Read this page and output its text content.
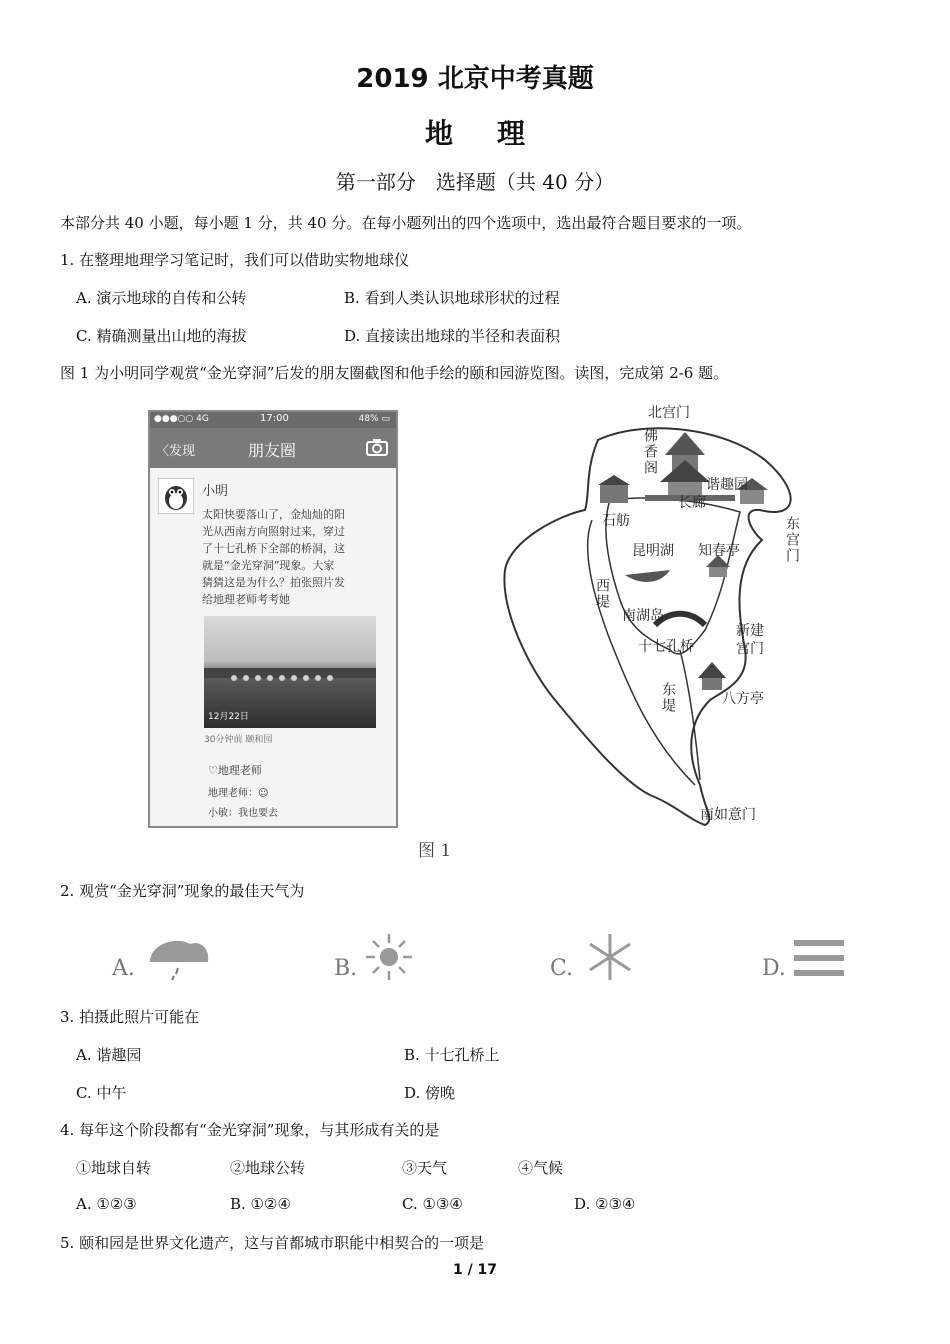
2019 北京中考真题
地理
第一部分　选择题（共 40 分）
本部分共 40 小题，每小题 1 分，共 40 分。在每小题列出的四个选项中，选出最符合题目要求的一项。
1. 在整理地理学习笔记时，我们可以借助实物地球仪
A. 演示地球的自传和公转	B. 看到人类认识地球形状的过程
C. 精确测量出山地的海拔	D. 直接读出地球的半径和表面积
图 1 为小明同学观赏“金光穿洞”后发的朋友圈截图和他手绘的颐和园游览图。读图，完成第 2-6 题。
●●●○○ 4G	17:00	48% ▭
〈发现	朋友圈
小明
太阳快要落山了，金灿灿的阳
光从西南方向照射过来，穿过
了十七孔桥下全部的桥洞，这
就是“金光穿洞”现象。大家
猜猜这是为什么？拍张照片发
给地理老师考考她
12月22日
30分钟前 颐和园
♡地理老师
地理老师：☺
小敏：我也要去
北宫门
佛香阁
谐趣园
长廊
石舫	东宫门
昆明湖 知春亭
西堤
南湖岛
新建宫门
十七孔桥
东堤	八方亭
南如意门
图 1
2. 观赏“金光穿洞”现象的最佳天气为
A.	B.	C.	D.
3. 拍摄此照片可能在
A. 谐趣园	B. 十七孔桥上
C. 中午	D. 傍晚
4. 每年这个阶段都有“金光穿洞”现象，与其形成有关的是
①地球自转	②地球公转	③天气	④气候
A. ①②③	B. ①②④	C. ①③④	D. ②③④
5. 颐和园是世界文化遗产，这与首都城市职能中相契合的一项是
1 / 17
